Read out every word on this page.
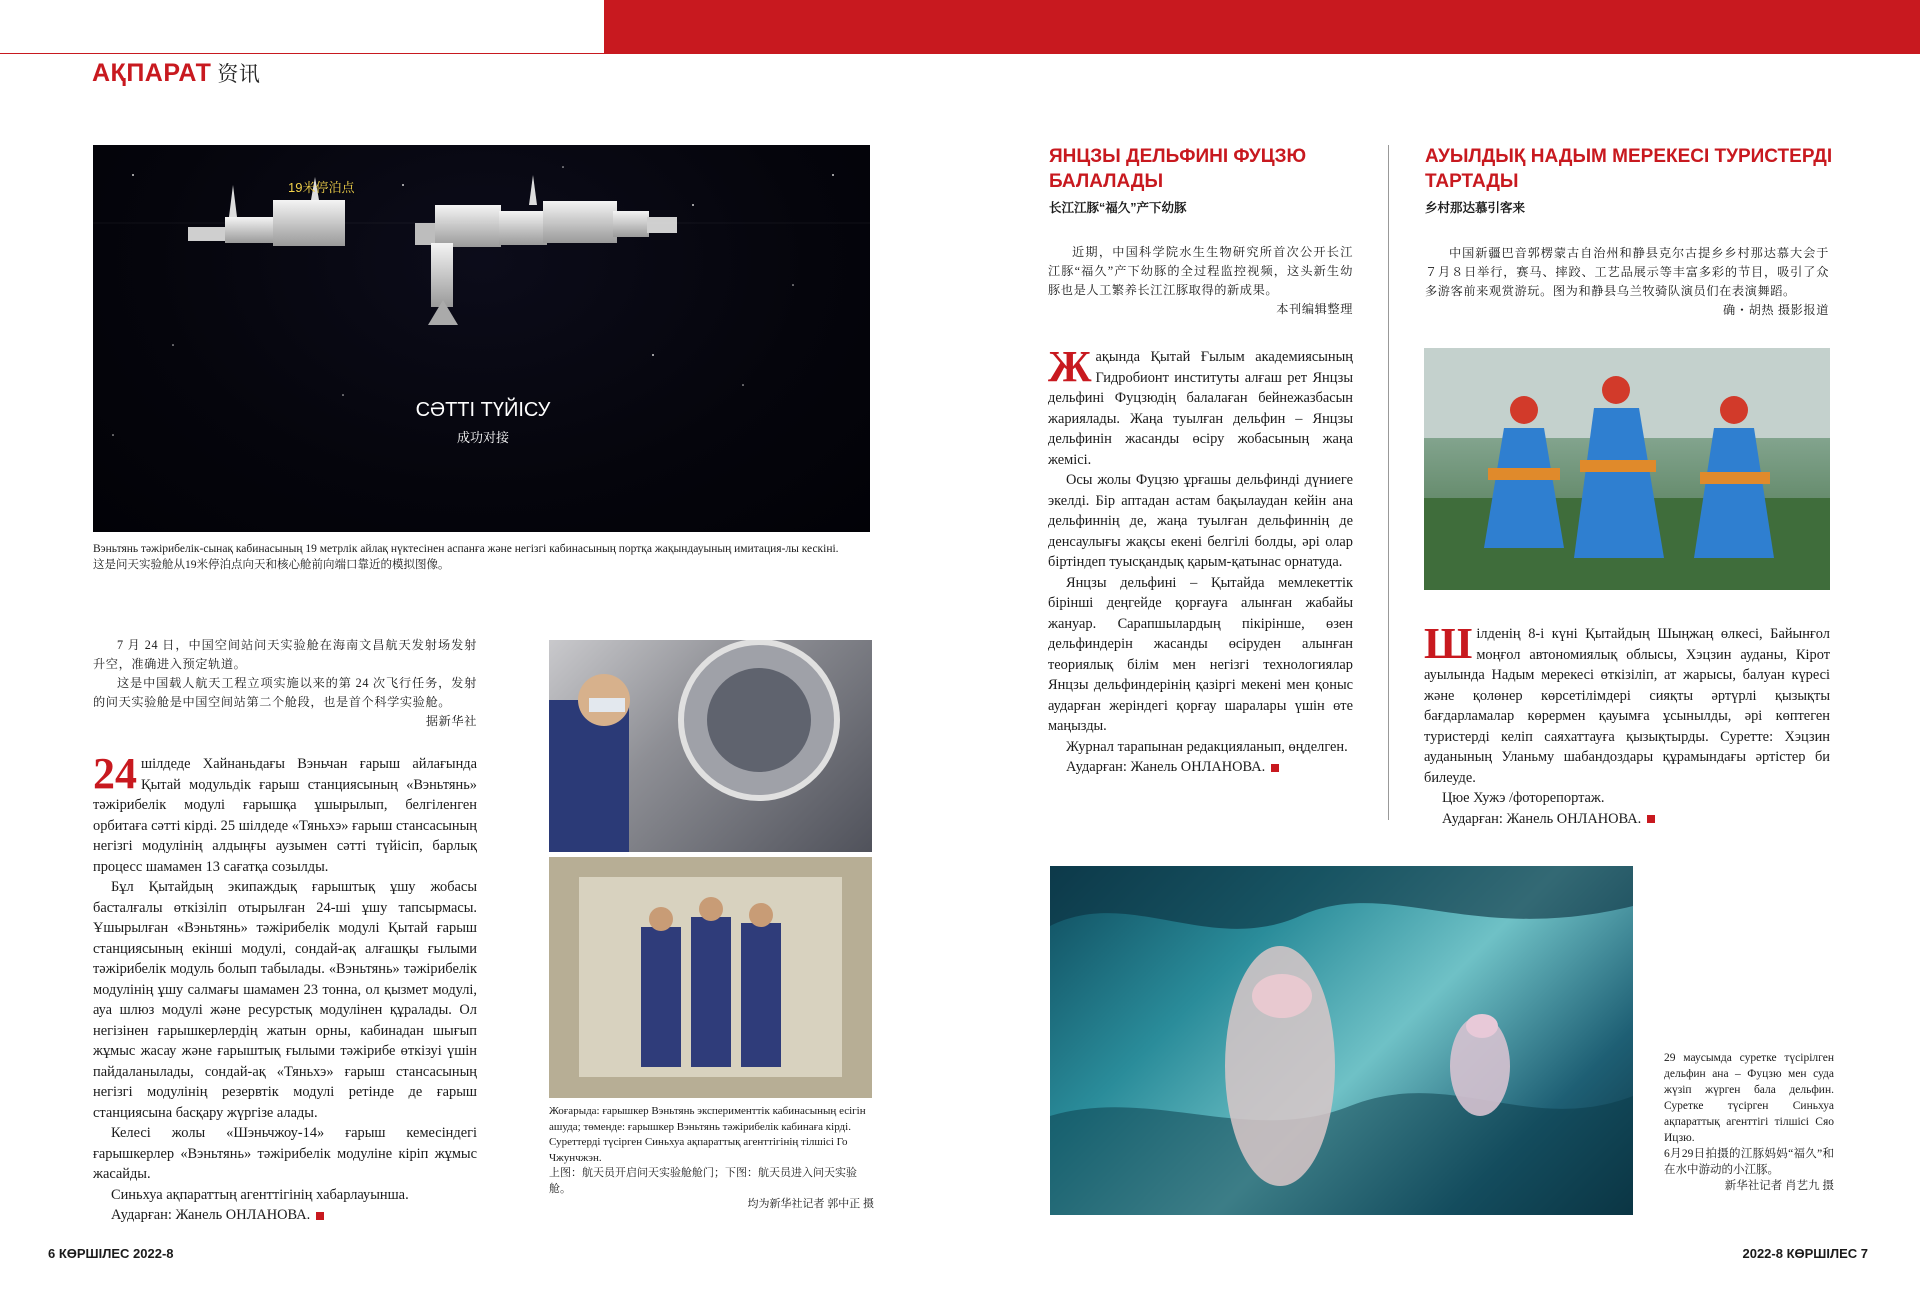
АҚПАРАТ 资讯
19米停泊点
СӘТТІ ТҮЙІСУ
成功对接
Вэньтянь тәжірибелік-сынақ кабинасының 19 метрлік айлақ нүктесінен аспанға және негізгі кабинасының портқа жақындауының имитация-лы кескіні.
这是问天实验舱从19米停泊点向天和核心舱前向端口靠近的模拟图像。

7 月 24 日，中国空间站问天实验舱在海南文昌航天发射场发射升空，准确进入预定轨道。

这是中国载人航天工程立项实施以来的第 24 次飞行任务，发射的问天实验舱是中国空间站第二个舱段，也是首个科学实验舱。

据新华社
24 шілдеде Хайнаньдағы Вэньчан ғарыш айлағында Қытай модульдік ғарыш станциясының «Вэньтянь» тәжірибелік модулі ғарышқа ұшырылып, белгіленген орбитаға сәтті кірді. 25 шілдеде «Тяньхэ» ғарыш стансасының негізгі модулінің алдыңғы аузымен сәтті түйісіп, барлық процесс шамамен 13 сағатқа созылды.

Бұл Қытайдың экипаждық ғарыштық ұшу жобасы басталғалы өткізіліп отырылған 24-ші ұшу тапсырмасы. Ұшырылған «Вэньтянь» тәжірибелік модулі Қытай ғарыш станциясының екінші модулі, сондай-ақ алғашқы ғылыми тәжірибелік модуль болып табылады. «Вэньтянь» тәжірибелік модулінің ұшу салмағы шамамен 23 тонна, ол қызмет модулі, ауа шлюз модулі және ресурстық модулінен құралады. Ол негізінен ғарышкерлердің жатын орны, кабинадан шығып жұмыс жасау және ғарыштық ғылыми тәжірибе өткізуі үшін пайдаланылады, сондай-ақ «Тяньхэ» ғарыш стансасының негізгі модулінің резервтік модулі ретінде де ғарыш станциясына басқару жүргізе алады.

Келесі жолы «Шэньчжоу-14» ғарыш кемесіндегі ғарышкерлер «Вэньтянь» тәжірибелік модуліне кіріп жұмыс жасайды.

Синьхуа ақпараттың агенттігінің хабарлауынша.

Аударған: Жанель ОНЛАНОВА.

Жоғарыда: ғарышкер Вэньтянь эксперименттік кабинасының есігін ашуда; төменде: ғарышкер Вэньтянь тәжірибелік кабинаға кірді. Суреттерді түсірген Синьхуа ақпараттық агенттігінің тілшісі Го Чжунчжэн.
上图：航天员开启问天实验舱舱门；下图：航天员进入问天实验舱。
均为新华社记者 郭中正 摄
ЯНЦЗЫ ДЕЛЬФИНІ ФУЦЗЮ БАЛАЛАДЫ
长江江豚“福久”产下幼豚

近期，中国科学院水生生物研究所首次公开长江江豚“福久”产下幼豚的全过程监控视频，这头新生幼豚也是人工繁养长江江豚取得的新成果。

本刊编辑整理
Жақында Қытай Ғылым академиясының Гидробионт институты алғаш рет Янцзы дельфині Фуцзюдің балалаған бейнежазбасын жариялады. Жаңа туылған дельфин – Янцзы дельфинін жасанды өсіру жобасының жаңа жемісі.

Осы жолы Фуцзю ұрғашы дельфинді дүниеге экелді. Бір аптадан астам бақылаудан кейін ана дельфиннің де, жаңа туылған дельфиннің де денсаулығы жақсы екені белгілі болды, әрі олар біртіндеп туысқандық қарым-қатынас орнатуда.

Янцзы дельфині – Қытайда мемлекеттік бірінші деңгейде қорғауға алынған жабайы жануар. Сарапшылардың пікірінше, өзен дельфиндерін жасанды өсіруден алынған теориялық білім мен негізгі технологиялар Янцзы дельфиндерінің қазіргі мекені мен қоныс аударған жеріндегі қорғау шаралары үшін өте маңызды.

Журнал тарапынан редакцияланып, өңделген.

Аударған: Жанель ОНЛАНОВА.

АУЫЛДЫҚ НАДЫМ МЕРЕКЕСІ ТУРИСТЕРДІ ТАРТАДЫ
乡村那达慕引客来

中国新疆巴音郭楞蒙古自治州和静县克尔古提乡乡村那达慕大会于７月８日举行，赛马、摔跤、工艺品展示等丰富多彩的节目，吸引了众多游客前来观赏游玩。图为和静县乌兰牧骑队演员们在表演舞蹈。

确・胡热 摄影报道
Шілденің 8-і күні Қытайдың Шыңжаң өлкесі, Байынғол моңғол автономиялық облысы, Хэцзин ауданы, Кірот ауылында Надым мерекесі өткізіліп, ат жарысы, балуан күресі және қолөнер көрсетілімдері сияқты әртүрлі қызықты бағдарламалар көрермен қауымға ұсынылды, әрі көптеген туристерді келіп саяхаттауға қызықтырды. Суретте: Хэцзин ауданының Уланьму шабандоздары құрамындағы әртістер би билеуде.

Цюе Хужэ /фоторепортаж.

Аударған: Жанель ОНЛАНОВА.

29 маусымда суретке түсірілген дельфин ана – Фуцзю мен суда жүзіп жүрген бала дельфин. Суретке түсірген Синьхуа ақпараттық агенттігі тілшісі Сяо Ицзю.
6月29日拍摄的江豚妈妈“福久”和在水中游动的小江豚。
新华社记者 肖艺九 摄
6 КӨРШІЛЕС 2022-8	2022-8 КӨРШІЛЕС 7
